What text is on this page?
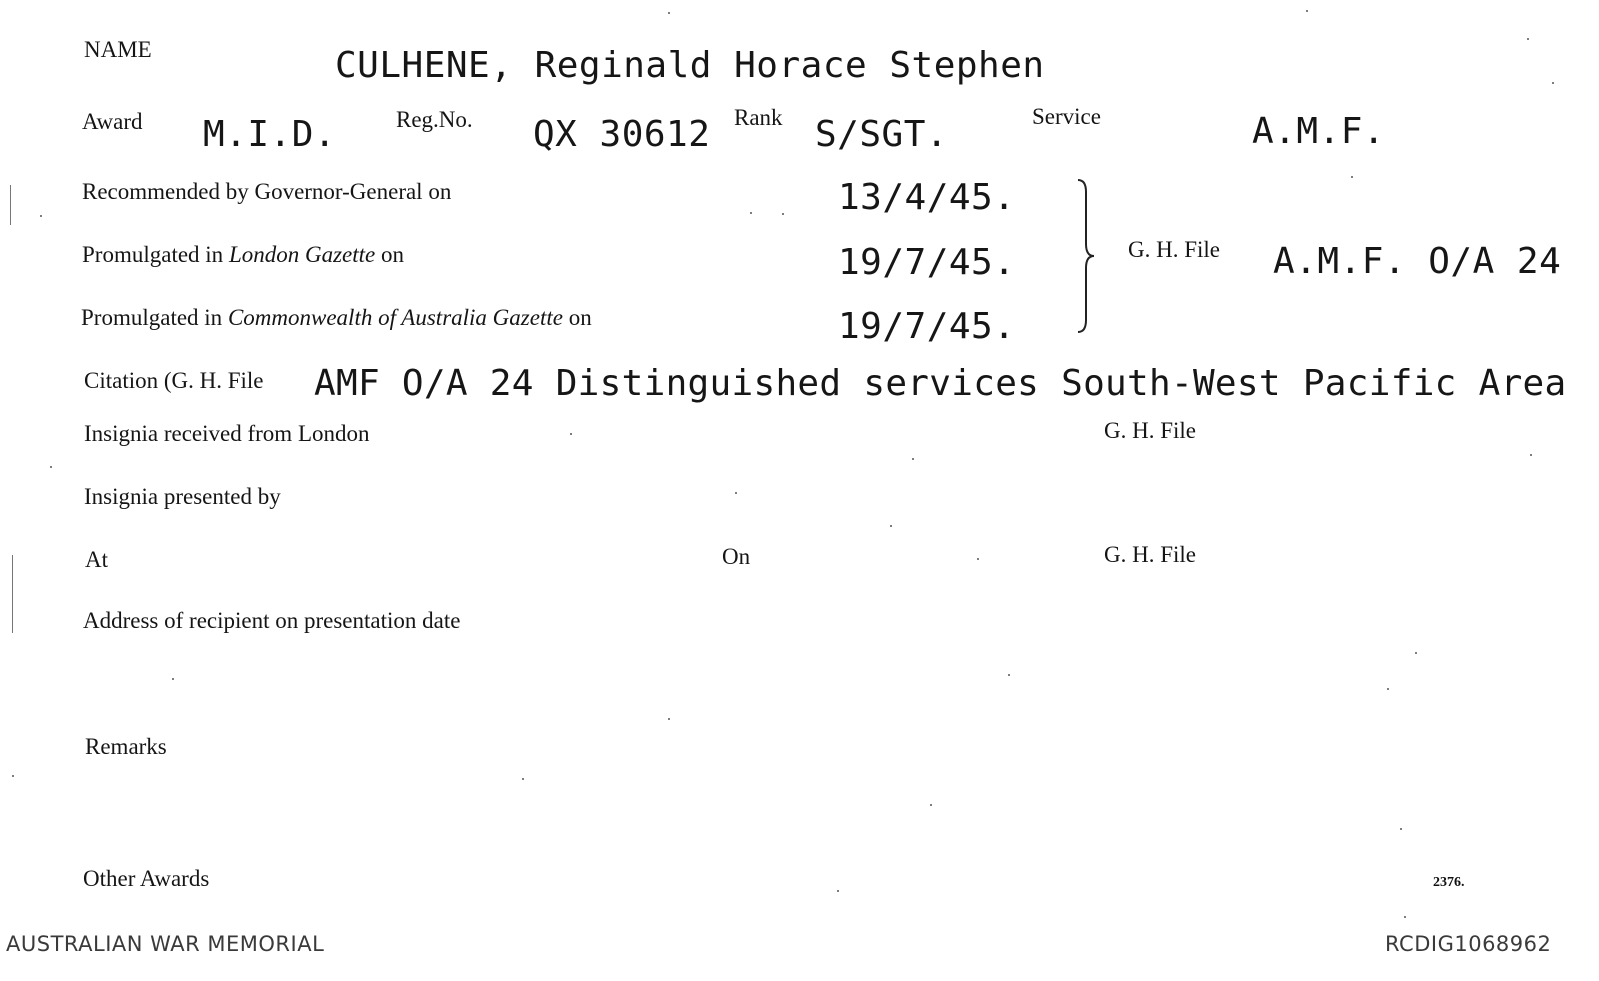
NAME	CULHENE, Reginald Horace Stephen
Award M.I.D.	Reg.No. QX 30612 Rank S/SGT.	Service	A.M.F.
Recommended by Governor-General on	13/4/45.
Promulgated in London Gazette on	19/7/45.
Promulgated in Commonwealth of Australia Gazette on	19/7/45.
G. H. File A.M.F. O/A 24
Citation (G. H. File AMF O/A 24 Distinguished services South-West Pacific Area
Insignia received from London	G. H. File
Insignia presented by
At	On	G. H. File
Address of recipient on presentation date
Remarks
Other Awards	2376.
AUSTRALIAN WAR MEMORIAL	RCDIG1068962
